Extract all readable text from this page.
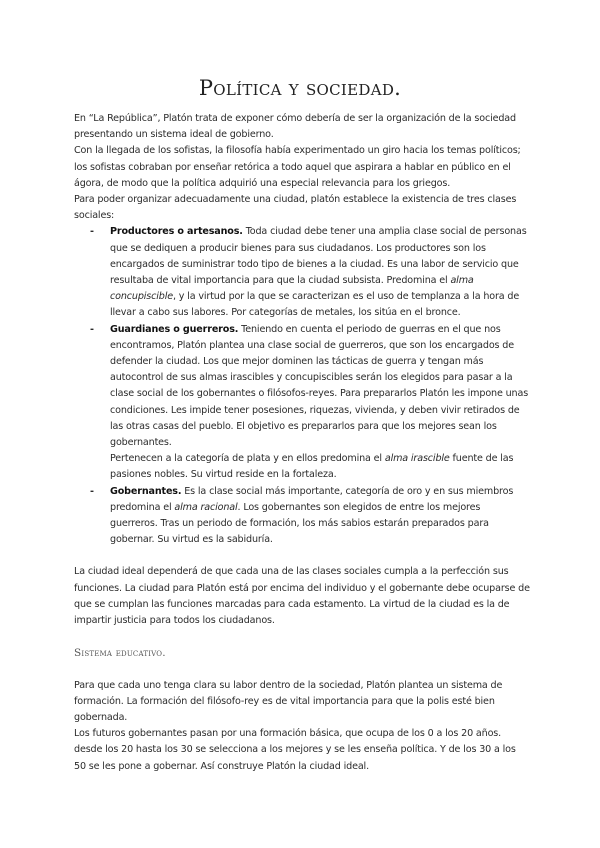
Política y sociedad.

En “La República”, Platón trata de exponer cómo debería de ser la organización de la sociedad presentando un sistema ideal de gobierno.

Con la llegada de los sofistas, la filosofía había experimentado un giro hacia los temas políticos; los sofistas cobraban por enseñar retórica a todo aquel que aspirara a hablar en público en el ágora, de modo que la política adquirió una especial relevancia para los griegos.

Para poder organizar adecuadamente una ciudad, platón establece la existencia de tres clases sociales:

- Productores o artesanos. Toda ciudad debe tener una amplia clase social de personas que se dediquen a producir bienes para sus ciudadanos. Los productores son los encargados de suministrar todo tipo de bienes a la ciudad. Es una labor de servicio que resultaba de vital importancia para que la ciudad subsista. Predomina el alma concupiscible, y la virtud por la que se caracterizan es el uso de templanza a la hora de llevar a cabo sus labores. Por categorías de metales, los sitúa en el bronce.
- Guardianes o guerreros. Teniendo en cuenta el periodo de guerras en el que nos encontramos, Platón plantea una clase social de guerreros, que son los encargados de defender la ciudad. Los que mejor dominen las tácticas de guerra y tengan más autocontrol de sus almas irascibles y concupiscibles serán los elegidos para pasar a la clase social de los gobernantes o filósofos-reyes. Para prepararlos Platón les impone unas condiciones. Les impide tener posesiones, riquezas, vivienda, y deben vivir retirados de las otras casas del pueblo. El objetivo es prepararlos para que los mejores sean los gobernantes.
Pertenecen a la categoría de plata y en ellos predomina el alma irascible fuente de las pasiones nobles. Su virtud reside en la fortaleza.
- Gobernantes. Es la clase social más importante, categoría de oro y en sus miembros predomina el alma racional. Los gobernantes son elegidos de entre los mejores guerreros. Tras un periodo de formación, los más sabios estarán preparados para gobernar. Su virtud es la sabiduría.

La ciudad ideal dependerá de que cada una de las clases sociales cumpla a la perfección sus funciones. La ciudad para Platón está por encima del individuo y el gobernante debe ocuparse de que se cumplan las funciones marcadas para cada estamento. La virtud de la ciudad es la de impartir justicia para todos los ciudadanos.

Sistema educativo.

Para que cada uno tenga clara su labor dentro de la sociedad, Platón plantea un sistema de formación. La formación del filósofo-rey es de vital importancia para que la polis esté bien gobernada.

Los futuros gobernantes pasan por una formación básica, que ocupa de los 0 a los 20 años. desde los 20 hasta los 30 se selecciona a los mejores y se les enseña política. Y de los 30 a los 50 se les pone a gobernar. Así construye Platón la ciudad ideal.
